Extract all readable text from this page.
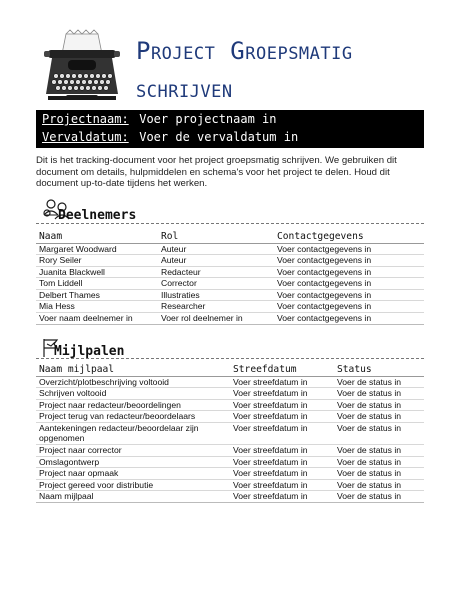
Project Groepsmatig
schrijven
Projectnaam: Voer projectnaam in
Vervaldatum: Voer de vervaldatum in

Dit is het tracking-document voor het project groepsmatig schrijven. We gebruiken dit document om details, hulpmiddelen en schema's voor het project te delen. Houd dit document up-to-date tijdens het werken.

Deelnemers
Naam	Rol	Contactgegevens
Margaret Woodward	Auteur	Voer contactgegevens in
Rory Seiler	Auteur	Voer contactgegevens in
Juanita Blackwell	Redacteur	Voer contactgegevens in
Tom Liddell	Corrector	Voer contactgegevens in
Delbert Thames	Illustraties	Voer contactgegevens in
Mia Hess	Researcher	Voer contactgegevens in
Voer naam deelnemer in	Voer rol deelnemer in	Voer contactgegevens in
Mijlpalen
Naam mijlpaal	Streefdatum	Status
Overzicht/plotbeschrijving voltooid	Voer streefdatum in	Voer de status in
Schrijven voltooid	Voer streefdatum in	Voer de status in
Project naar redacteur/beoordelingen	Voer streefdatum in	Voer de status in
Project terug van redacteur/beoordelaars	Voer streefdatum in	Voer de status in
Aantekeningen redacteur/beoordelaar zijn opgenomen	Voer streefdatum in	Voer de status in
Project naar corrector	Voer streefdatum in	Voer de status in
Omslagontwerp	Voer streefdatum in	Voer de status in
Project naar opmaak	Voer streefdatum in	Voer de status in
Project gereed voor distributie	Voer streefdatum in	Voer de status in
Naam mijlpaal	Voer streefdatum in	Voer de status in
